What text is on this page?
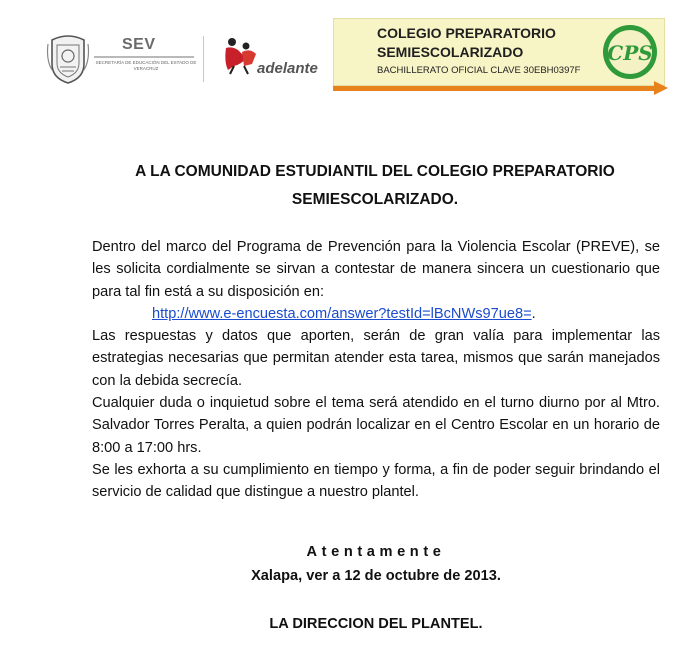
SEV
SECRETARÍA DE EDUCACIÓN DEL ESTADO DE VERACRUZ	adelante
COLEGIO PREPARATORIO
SEMIESCOLARIZADO
BACHILLERATO OFICIAL CLAVE 30EBH0397F
CPS
A LA COMUNIDAD ESTUDIANTIL DEL COLEGIO PREPARATORIO
SEMIESCOLARIZADO.

Dentro del marco del Programa de Prevención para la Violencia Escolar (PREVE), se les solicita cordialmente se sirvan a contestar de manera sincera un cuestionario que para tal fin está a su disposición en:

http://www.e-encuesta.com/answer?testId=lBcNWs97ue8=.

Las respuestas y datos que aporten, serán de gran valía para implementar las estrategias necesarias que permitan atender esta tarea, mismos que sarán manejados con la debida secrecía.

Cualquier duda o inquietud sobre el tema será atendido en el turno diurno por al Mtro. Salvador Torres Peralta, a quien podrán localizar en el Centro Escolar en un horario de 8:00 a 17:00 hrs.

Se les exhorta a su cumplimiento en tiempo y forma, a fin de poder seguir brindando el servicio de calidad que distingue a nuestro plantel.

Atentamente
Xalapa, ver a 12 de octubre de 2013.
LA DIRECCION DEL PLANTEL.
